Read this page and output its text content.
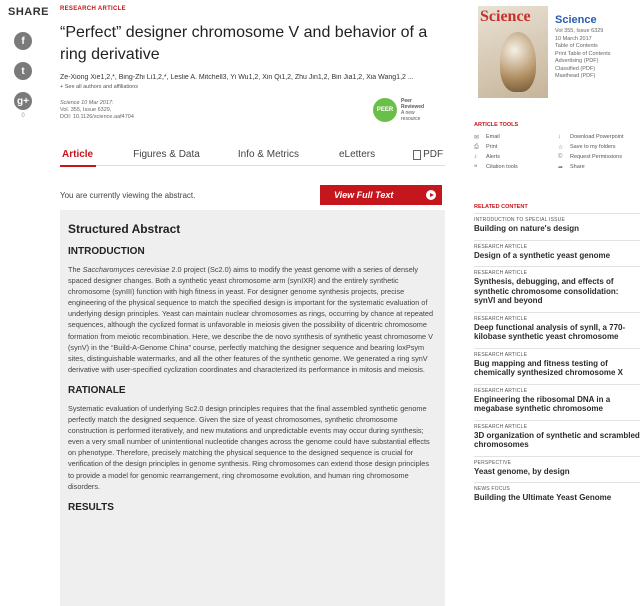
SHARE
f
t
g+
0
RESEARCH ARTICLE
“Perfect” designer chromosome V and behavior of a ring derivative
Ze-Xiong Xie1,2,*, Bing-Zhi Li1,2,*, Leslie A. Mitchell3, Yi Wu1,2, Xin Qi1,2, Zhu Jin1,2, Bin Jia1,2, Xia Wang1,2 ...
+ See all authors and affiliations
Science 10 Mar 2017:
Vol. 355, Issue 6329,
DOI: 10.1126/science.aaf4704
PEER
Peer Reviewed
A new resource
Article	Figures & Data	Info & Metrics	eLetters	PDF
You are currently viewing the abstract.	View Full Text
Structured Abstract
INTRODUCTION

The Saccharomyces cerevisiae 2.0 project (Sc2.0) aims to modify the yeast genome with a series of densely spaced designer changes. Both a synthetic yeast chromosome arm (synIXR) and the entirely synthetic chromosome (synIII) function with high fitness in yeast. For designer genome synthesis projects, precise engineering of the physical sequence to match the specified design is important for the systematic evaluation of underlying design principles. Yeast can maintain nuclear chromosomes as rings, occurring by chance at repeated sequences, although the cyclized format is unfavorable in meiosis given the possibility of dicentric chromosome formation from meiotic recombination. Here, we describe the de novo synthesis of synthetic yeast chromosome V (synV) in the “Build-A-Genome China” course, perfectly matching the designer sequence and bearing loxPsym sites, distinguishable watermarks, and all the other features of the synthetic genome. We generated a ring synV derivative with user-specified cyclization coordinates and characterized its performance in mitosis and meiosis.

RATIONALE

Systematic evaluation of underlying Sc2.0 design principles requires that the final assembled synthetic genome perfectly match the designed sequence. Given the size of yeast chromosomes, synthetic chromosome construction is performed iteratively, and new mutations and unpredictable events may occur during synthesis; even a very small number of unintentional nucleotide changes across the genome could have substantial effects on phenotype. Therefore, precisely matching the physical sequence to the designed sequence is crucial for verification of the design principles in genome synthesis. Ring chromosomes can extend those design principles to provide a model for genomic rearrangement, ring chromosome evolution, and human ring chromosome disorders.

RESULTS
Science Science
Vol 355, Issue 6329
10 March 2017
Table of Contents
Print Table of Contents
Advertising (PDF)
Classified (PDF)
Masthead (PDF)
ARTICLE TOOLS
✉	Email	↓	Download Powerpoint
⎙	Print	☆	Save to my folders
♪	Alerts	©	Request Permissions
❝	Citation tools	➦	Share
RELATED CONTENT
INTRODUCTION TO SPECIAL ISSUE
Building on nature's design
RESEARCH ARTICLE
Design of a synthetic yeast genome
RESEARCH ARTICLE
Synthesis, debugging, and effects of synthetic chromosome consolidation: synVI and beyond
RESEARCH ARTICLE
Deep functional analysis of synII, a 770-kilobase synthetic yeast chromosome
RESEARCH ARTICLE
Bug mapping and fitness testing of chemically synthesized chromosome X
RESEARCH ARTICLE
Engineering the ribosomal DNA in a megabase synthetic chromosome
RESEARCH ARTICLE
3D organization of synthetic and scrambled chromosomes
PERSPECTIVE
Yeast genome, by design
NEWS FOCUS
Building the Ultimate Yeast Genome
